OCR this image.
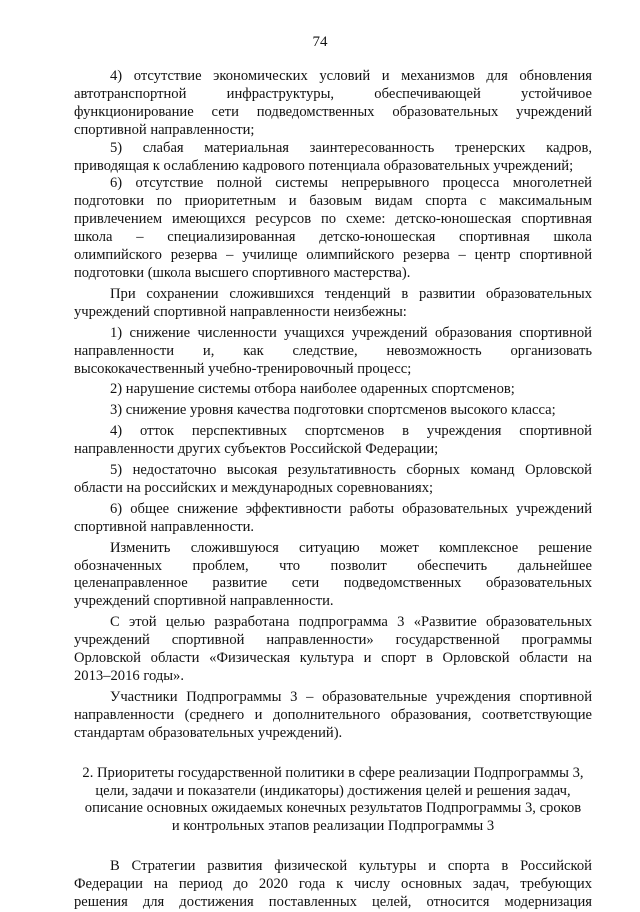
74
4) отсутствие экономических условий и механизмов для обновления
автотранспортной инфраструктуры, обеспечивающей устойчивое
функционирование сети подведомственных образовательных учреждений
спортивной направленности;
5) слабая материальная заинтересованность тренерских кадров,
приводящая к ослаблению кадрового потенциала образовательных учреждений;
6) отсутствие полной системы непрерывного процесса многолетней
подготовки по приоритетным и базовым видам спорта с максимальным
привлечением имеющихся ресурсов по схеме: детско-юношеская спортивная
школа – специализированная детско-юношеская спортивная школа
олимпийского резерва – училище олимпийского резерва – центр спортивной
подготовки (школа высшего спортивного мастерства).
При сохранении сложившихся тенденций в развитии образовательных
учреждений спортивной направленности неизбежны:
1) снижение численности учащихся учреждений образования спортивной
направленности и, как следствие, невозможность организовать
высококачественный учебно-тренировочный процесс;
2) нарушение системы отбора наиболее одаренных спортсменов;
3) снижение уровня качества подготовки спортсменов высокого класса;
4) отток перспективных спортсменов в учреждения спортивной
направленности других субъектов Российской Федерации;
5) недостаточно высокая результативность сборных команд Орловской
области на российских и международных соревнованиях;
6) общее снижение эффективности работы образовательных учреждений
спортивной направленности.
Изменить сложившуюся ситуацию может комплексное решение
обозначенных проблем, что позволит обеспечить дальнейшее
целенаправленное развитие сети подведомственных образовательных
учреждений спортивной направленности.
С этой целью разработана подпрограмма 3 «Развитие образовательных
учреждений спортивной направленности» государственной программы
Орловской области «Физическая культура и спорт в Орловской области на
2013–2016 годы».
Участники Подпрограммы 3 – образовательные учреждения спортивной
направленности (среднего и дополнительного образования, соответствующие
стандартам образовательных учреждений).
2. Приоритеты государственной политики в сфере реализации Подпрограммы 3,
цели, задачи и показатели (индикаторы) достижения целей и решения задач,
описание основных ожидаемых конечных результатов Подпрограммы 3, сроков
и контрольных этапов реализации Подпрограммы 3
В Стратегии развития физической культуры и спорта в Российской
Федерации на период до 2020 года к числу основных задач, требующих
решения для достижения поставленных целей, относится модернизация
